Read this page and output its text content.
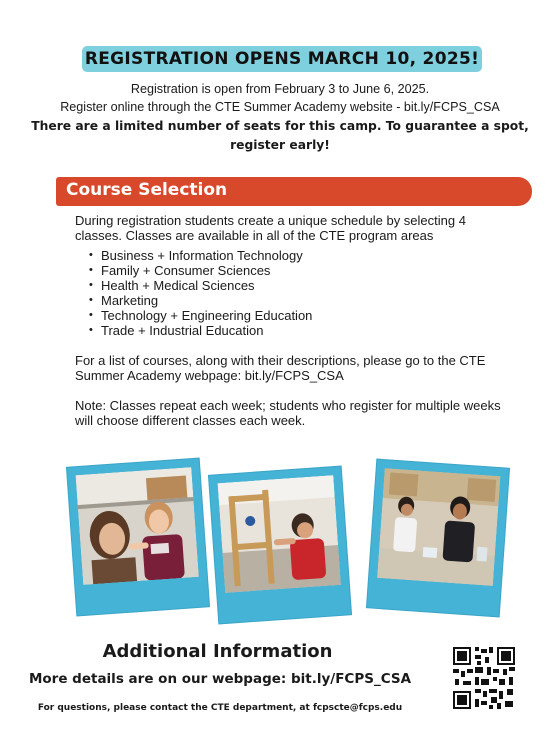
REGISTRATION OPENS MARCH 10, 2025!
Registration is open from February 3 to June 6, 2025.
Register online through the CTE Summer Academy website - bit.ly/FCPS_CSA
There are a limited number of seats for this camp. To guarantee a spot, register early!
Course Selection

During registration students create a unique schedule by selecting 4 classes. Classes are available in all of the CTE program areas

• Business + Information Technology
• Family + Consumer Sciences
• Health + Medical Sciences
• Marketing
• Technology + Engineering Education
• Trade + Industrial Education

For a list of courses, along with their descriptions, please go to the CTE Summer Academy webpage: bit.ly/FCPS_CSA

Note: Classes repeat each week; students who register for multiple weeks will choose different classes each week.

Additional Information
More details are on our webpage: bit.ly/FCPS_CSA
For questions, please contact the CTE department, at fcpscte@fcps.edu
